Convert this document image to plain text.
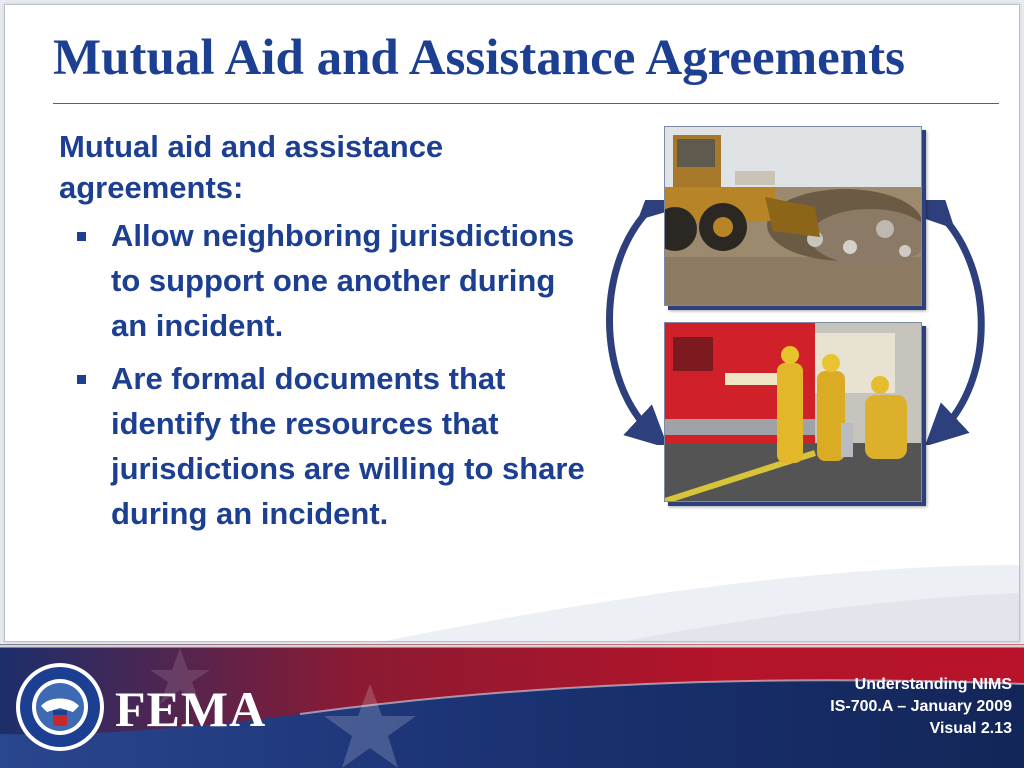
Mutual Aid and Assistance Agreements

Mutual aid and assistance agreements:

Allow neighboring jurisdictions to support one another during an incident.
Are formal documents that identify the resources that jurisdictions are willing to share during an incident.
FEMA	Understanding NIMS
IS-700.A – January 2009
Visual 2.13
